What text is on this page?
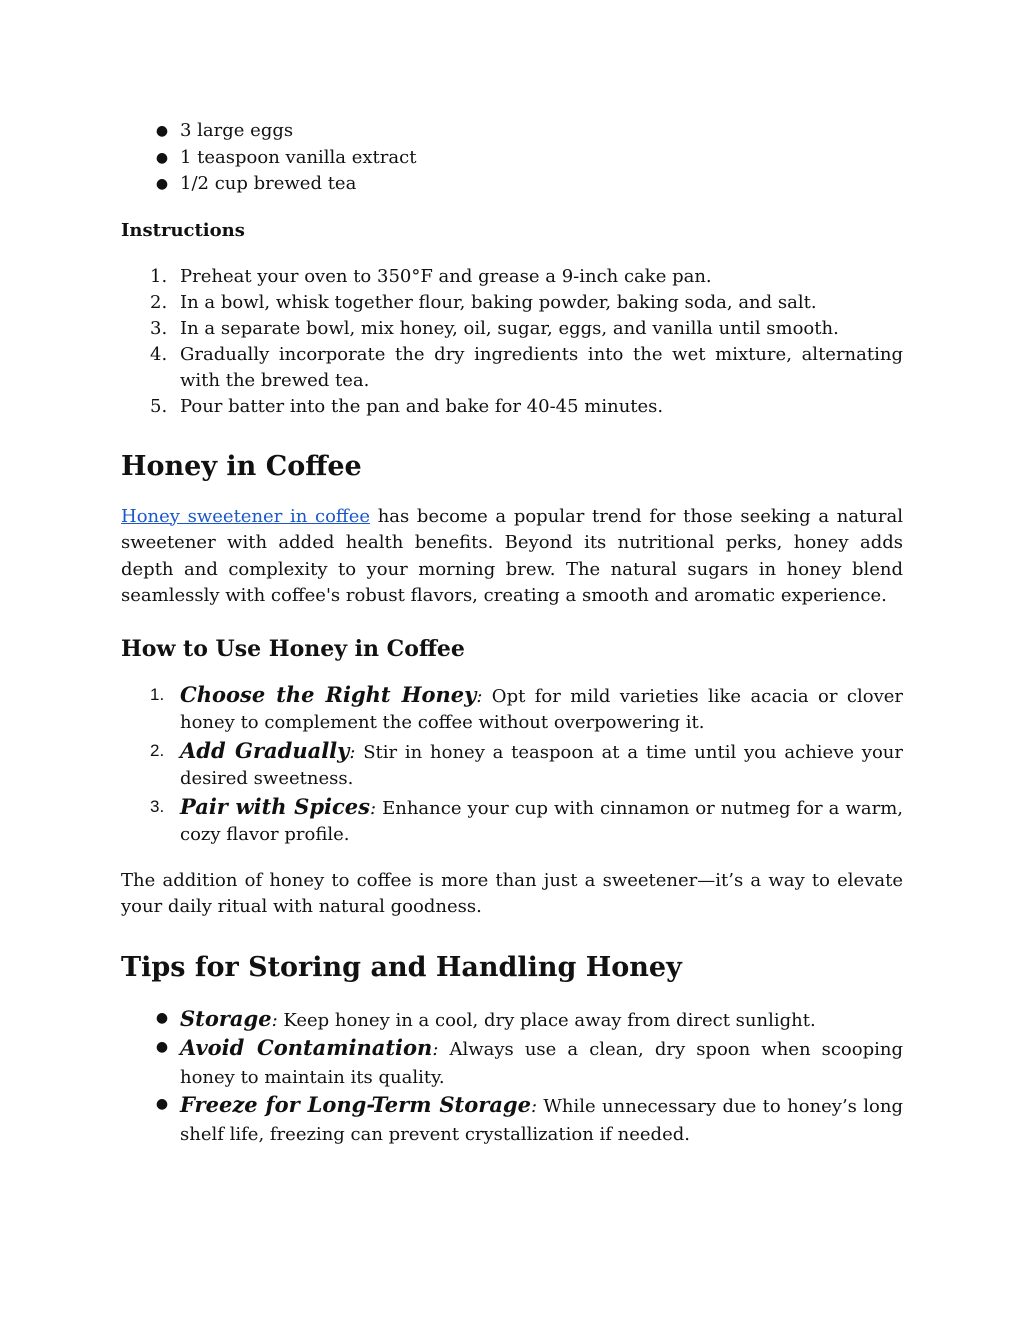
● 3 large eggs
● 1 teaspoon vanilla extract
● 1/2 cup brewed tea
Instructions
1. Preheat your oven to 350°F and grease a 9-inch cake pan.
2. In a bowl, whisk together flour, baking powder, baking soda, and salt.
3. In a separate bowl, mix honey, oil, sugar, eggs, and vanilla until smooth.
4. Gradually incorporate the dry ingredients into the wet mixture, alternating with the brewed tea.
5. Pour batter into the pan and bake for 40-45 minutes.
Honey in Coffee

Honey sweetener in coffee has become a popular trend for those seeking a natural sweetener with added health benefits. Beyond its nutritional perks, honey adds depth and complexity to your morning brew. The natural sugars in honey blend seamlessly with coffee's robust flavors, creating a smooth and aromatic experience.

How to Use Honey in Coffee
1. Choose the Right Honey: Opt for mild varieties like acacia or clover honey to complement the coffee without overpowering it.
2. Add Gradually: Stir in honey a teaspoon at a time until you achieve your desired sweetness.
3. Pair with Spices: Enhance your cup with cinnamon or nutmeg for a warm, cozy flavor profile.

The addition of honey to coffee is more than just a sweetener—it’s a way to elevate your daily ritual with natural goodness.

Tips for Storing and Handling Honey
● Storage: Keep honey in a cool, dry place away from direct sunlight.
● Avoid Contamination: Always use a clean, dry spoon when scooping honey to maintain its quality.
● Freeze for Long-Term Storage: While unnecessary due to honey’s long shelf life, freezing can prevent crystallization if needed.
